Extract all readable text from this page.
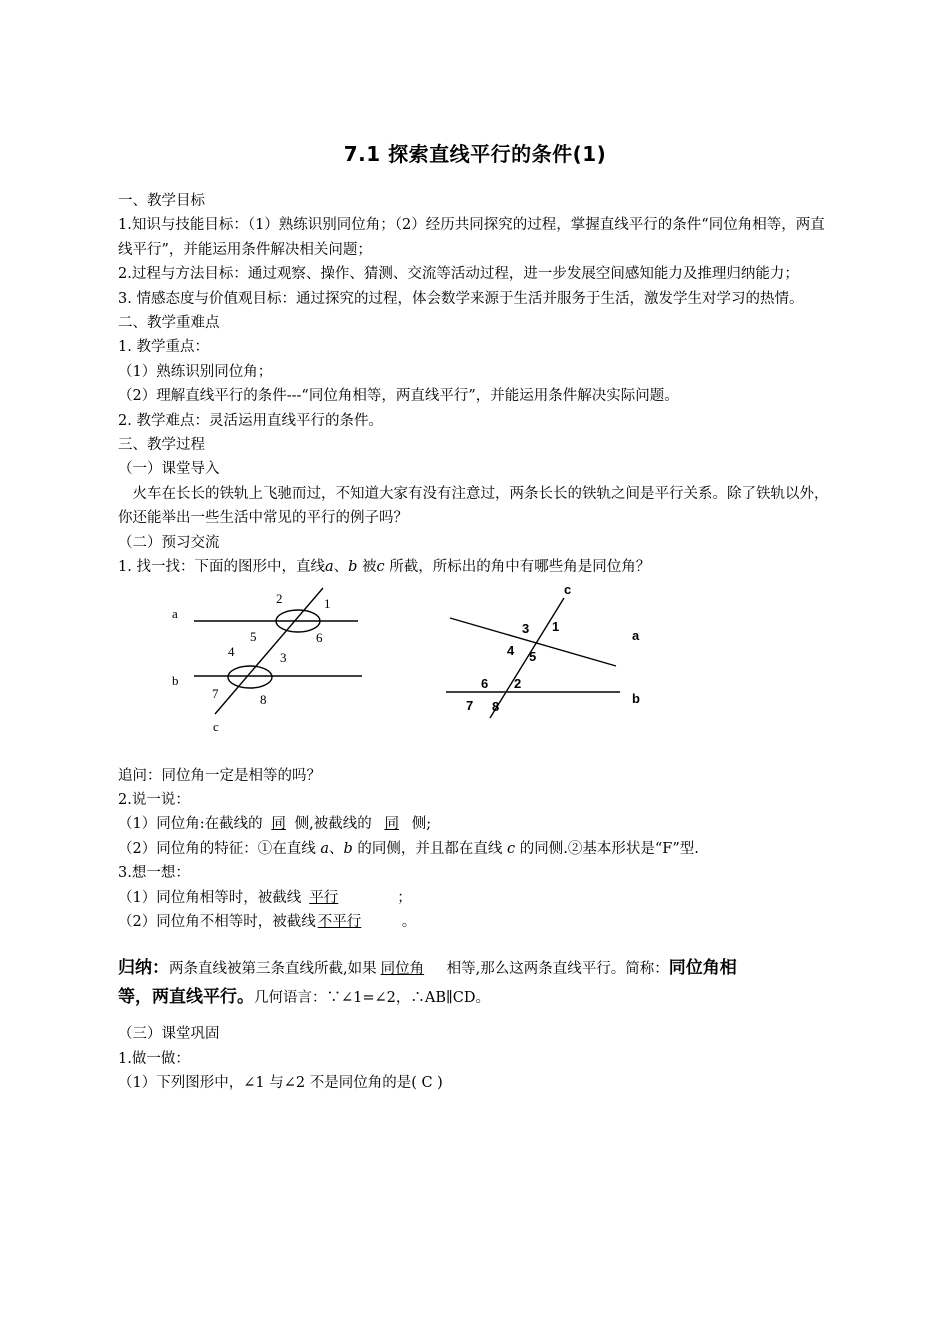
7.1 探索直线平行的条件(1)

一、教学目标

1.知识与技能目标：（1）熟练识别同位角；（2）经历共同探究的过程，掌握直线平行的条件“同位角相等，两直线平行”，并能运用条件解决相关问题；

2.过程与方法目标：通过观察、操作、猜测、交流等活动过程，进一步发展空间感知能力及推理归纳能力；

3. 情感态度与价值观目标：通过探究的过程，体会数学来源于生活并服务于生活，激发学生对学习的热情。

二、教学重难点

1. 教学重点：

（1）熟练识别同位角；

（2）理解直线平行的条件---“同位角相等，两直线平行”，并能运用条件解决实际问题。

2. 教学难点：灵活运用直线平行的条件。

三、教学过程

（一）课堂导入

火车在长长的铁轨上飞驰而过，不知道大家有没有注意过，两条长长的铁轨之间是平行关系。除了铁轨以外，你还能举出一些生活中常见的平行的例子吗？

（二）预习交流

1. 找一找：下面的图形中，直线a、b 被c 所截，所标出的角中有哪些角是同位角？

a
b
c
2	1
5	6
4	3
7	8
c
a
b
3 1
4 5
6 2
7 8

追问：同位角一定是相等的吗？

2.说一说：

（1）同位角:在截线的 同 侧,被截线的 同 侧;

（2）同位角的特征：①在直线 a、b 的同侧，并且都在直线 c 的同侧.②基本形状是“F”型.

3.想一想：

（1）同位角相等时，被截线 平行	；

（2）同位角不相等时，被截线 不平行	。

归纳：两条直线被第三条直线所截,如果 同位角 相等,那么这两条直线平行。简称：同位角相
等，两直线平行。几何语言：∵∠1=∠2，∴AB∥CD。

（三）课堂巩固

1.做一做：

（1）下列图形中，∠1 与∠2 不是同位角的是( C )
